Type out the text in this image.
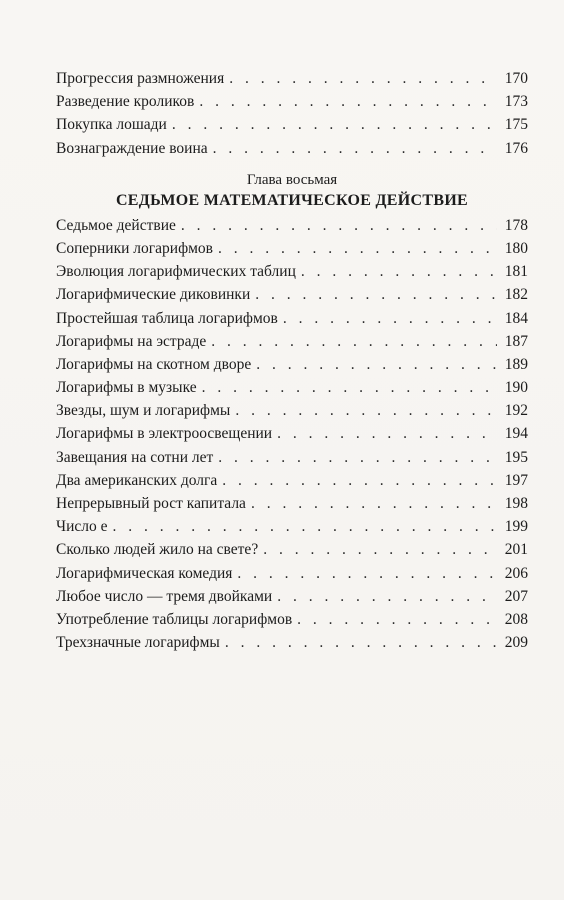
Прогрессия размножения . . .	170
Разведение кроликов . . .	173
Покупка лошади . . .	175
Вознаграждение воина . . .	176
Глава восьмая
СЕДЬМОЕ МАТЕМАТИЧЕСКОЕ ДЕЙСТВИЕ
Седьмое действие . . .	178
Соперники логарифмов . . .	180
Эволюция логарифмических таблиц . . .	181
Логарифмические диковинки . . .	182
Простейшая таблица логарифмов . . .	184
Логарифмы на эстраде . . .	187
Логарифмы на скотном дворе . . .	189
Логарифмы в музыке . . .	190
Звезды, шум и логарифмы . . .	192
Логарифмы в электроосвещении . . .	194
Завещания на сотни лет . . .	195
Два американских долга . . .	197
Непрерывный рост капитала . . .	198
Число е . . .	199
Сколько людей жило на свете? . . .	201
Логарифмическая комедия . . .	206
Любое число — тремя двойками . . .	207
Употребление таблицы логарифмов . . .	208
Трехзначные логарифмы . . .	209
